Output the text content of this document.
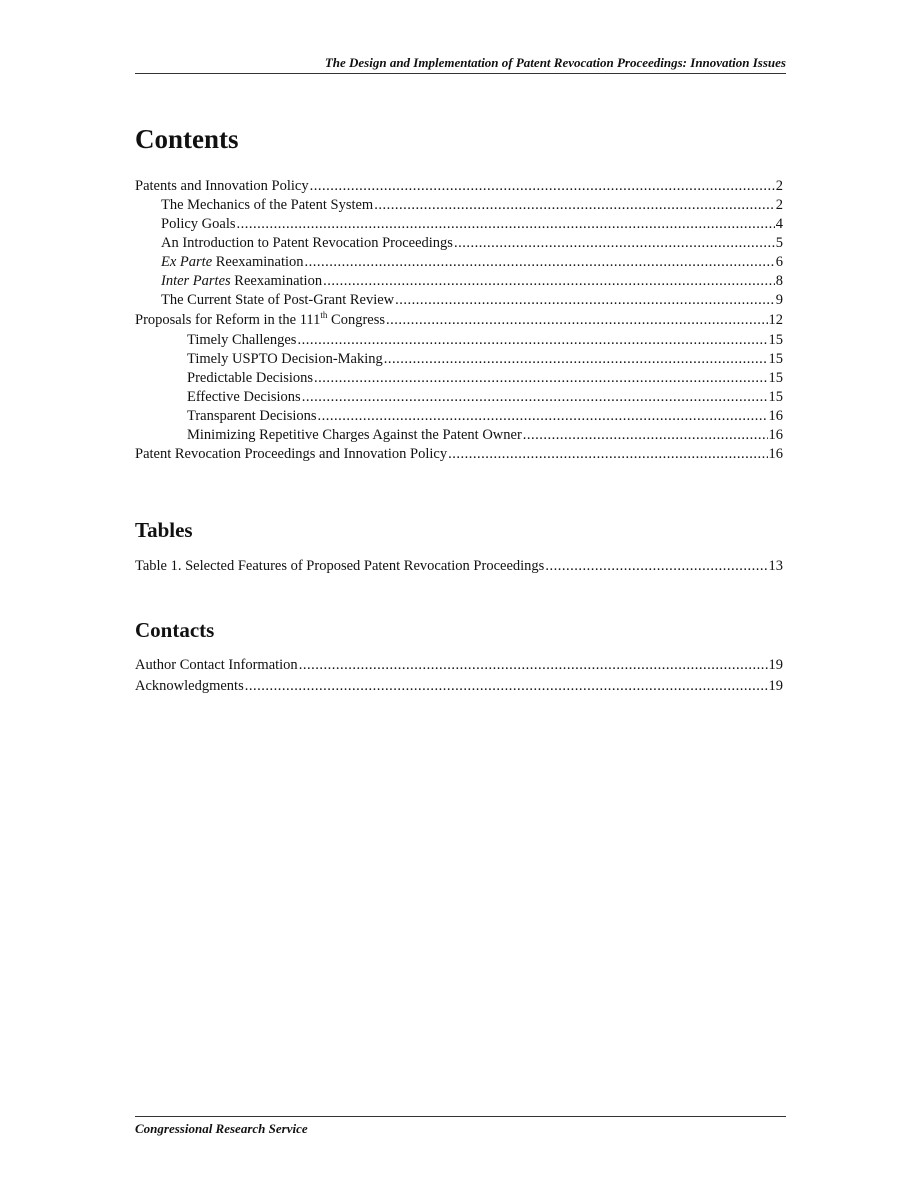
The Design and Implementation of Patent Revocation Proceedings: Innovation Issues
Contents
Patents and Innovation Policy .....	2
The Mechanics of the Patent System .....	2
Policy Goals .....	4
An Introduction to Patent Revocation Proceedings .....	5
Ex Parte Reexamination .....	6
Inter Partes Reexamination .....	8
The Current State of Post-Grant Review .....	9
Proposals for Reform in the 111th Congress .....	12
Timely Challenges .....	15
Timely USPTO Decision-Making .....	15
Predictable Decisions .....	15
Effective Decisions .....	15
Transparent Decisions .....	16
Minimizing Repetitive Charges Against the Patent Owner .....	16
Patent Revocation Proceedings and Innovation Policy .....	16
Tables
Table 1. Selected Features of Proposed Patent Revocation Proceedings .....	13
Contacts
Author Contact Information .....	19
Acknowledgments .....	19
Congressional Research Service
